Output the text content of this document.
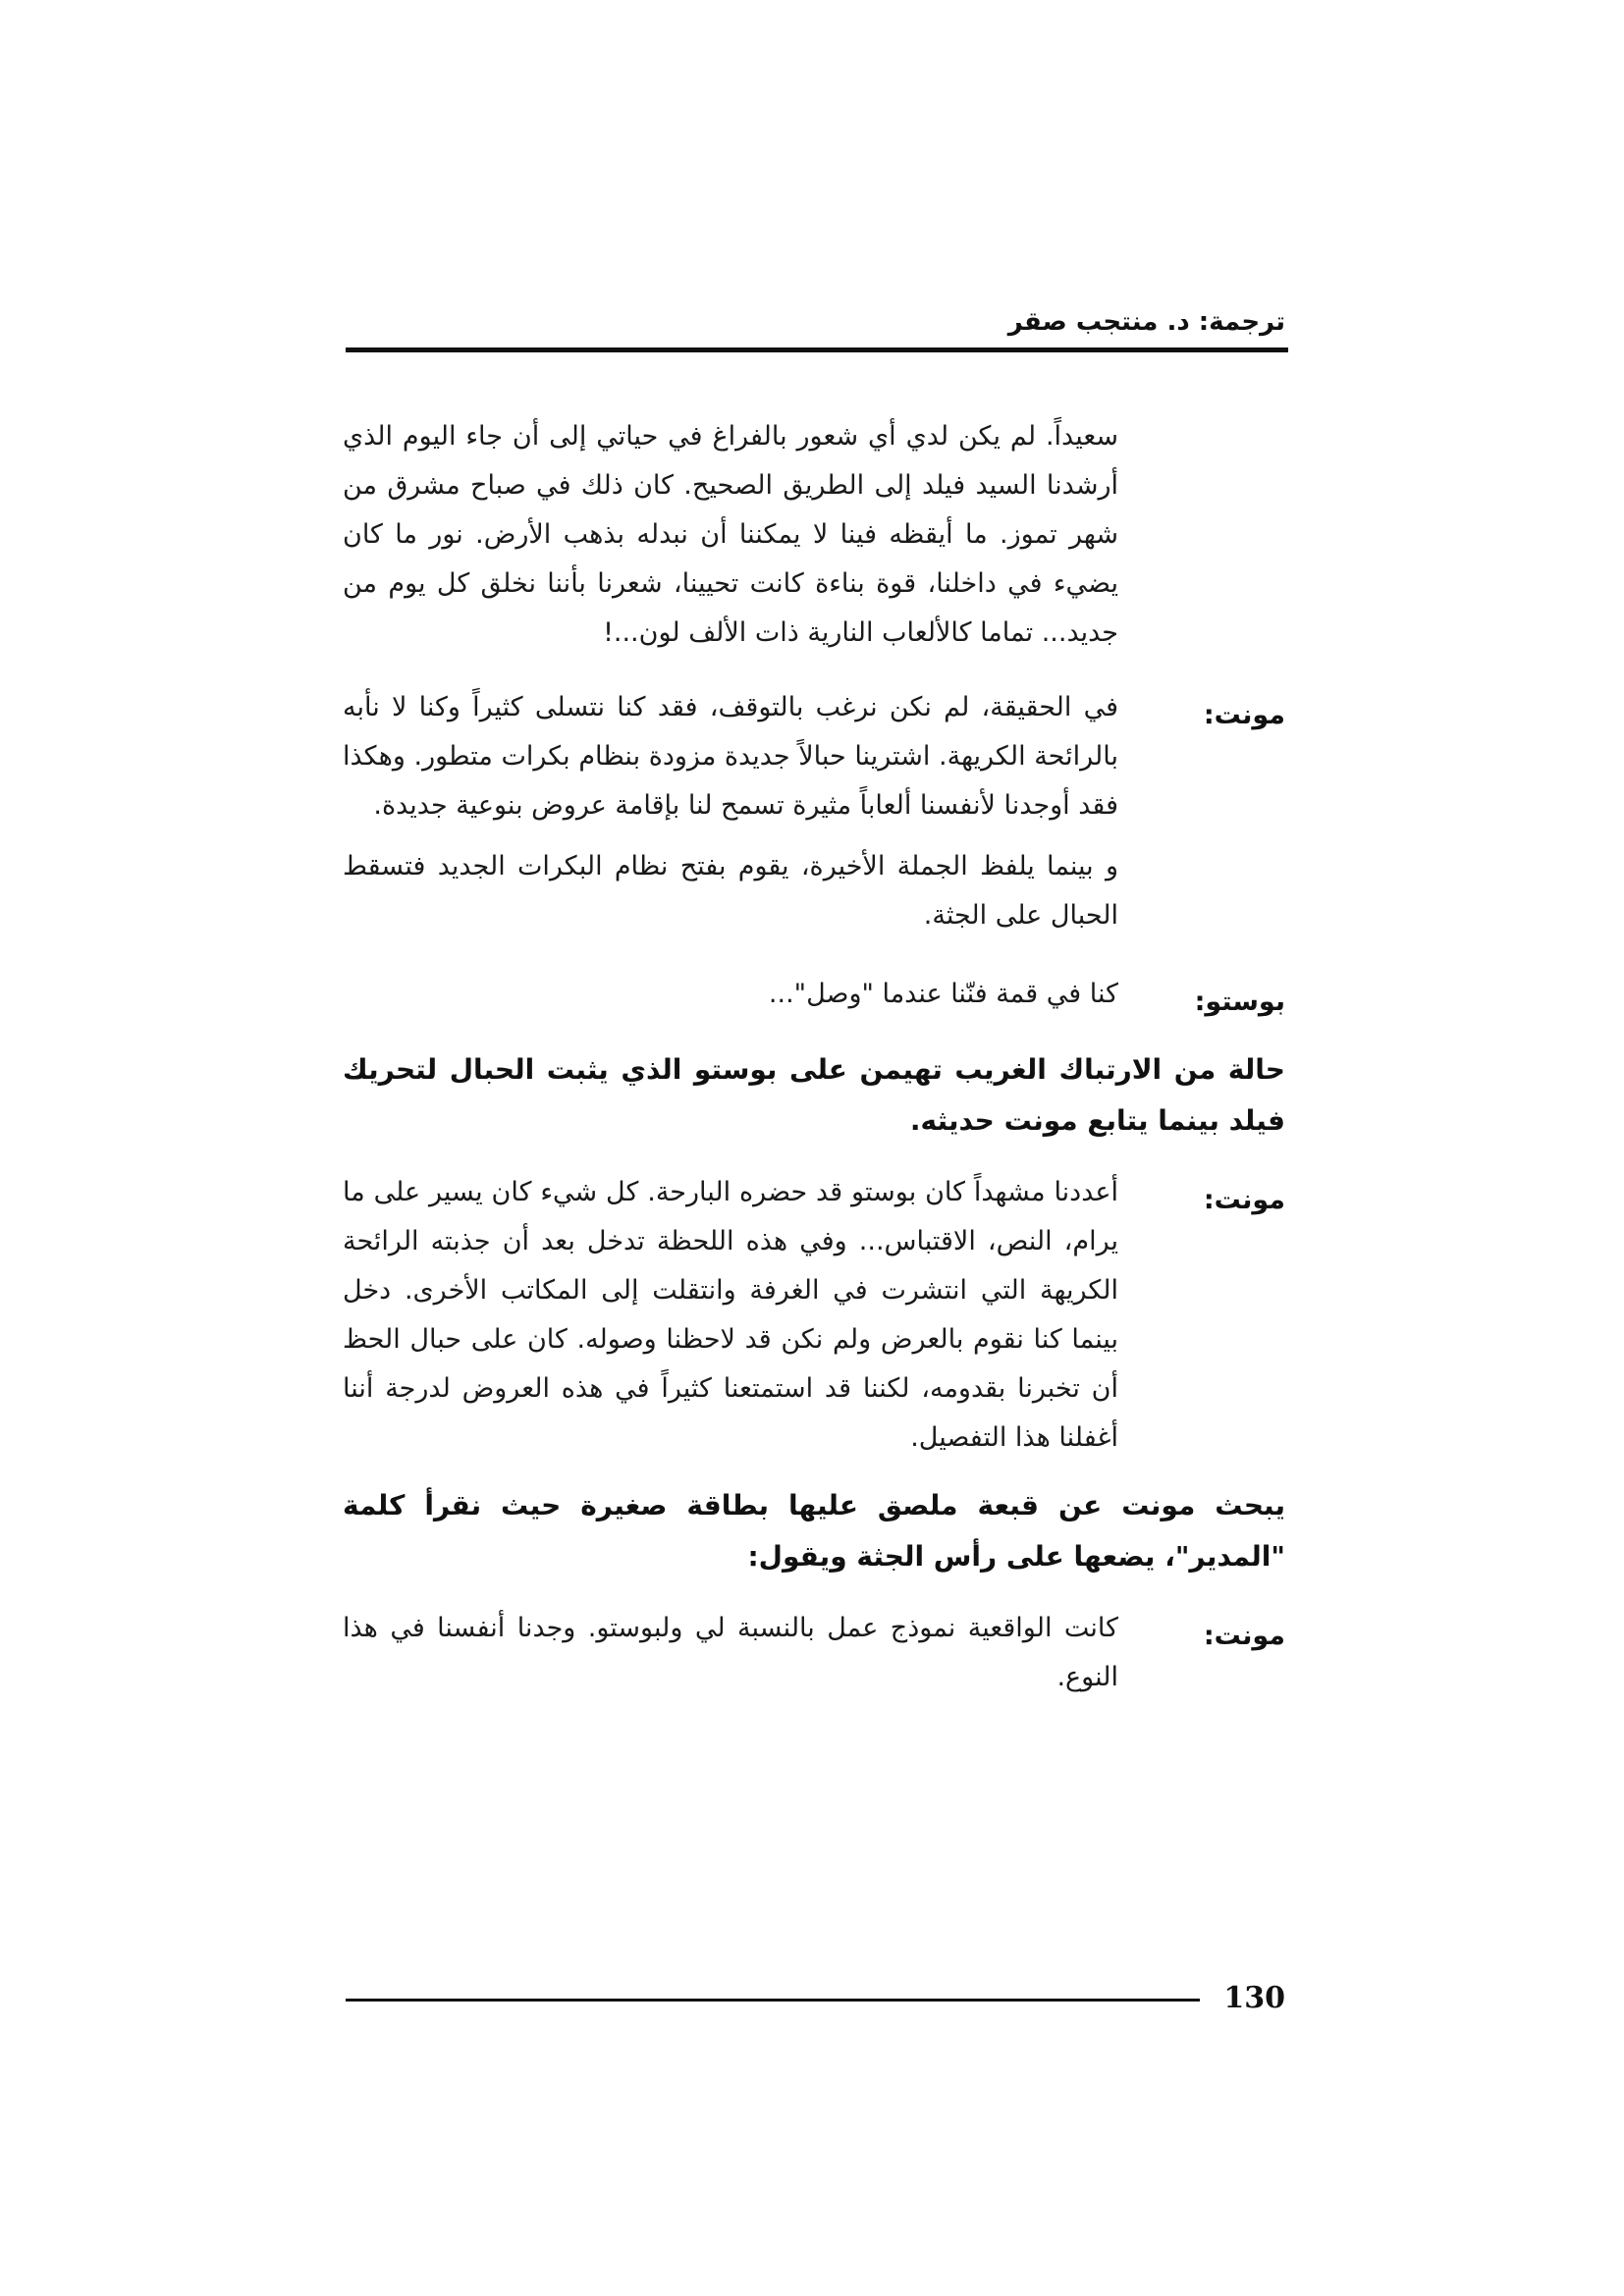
ترجمة: د. منتجب صقر
سعيداً. لم يكن لدي أي شعور بالفراغ في حياتي إلى أن جاء اليوم الذي أرشدنا السيد فيلد إلى الطريق الصحيح. كان ذلك في صباح مشرق من شهر تموز. ما أيقظه فينا لا يمكننا أن نبدله بذهب الأرض. نور ما كان يضيء في داخلنا، قوة بناءة كانت تحيينا، شعرنا بأننا نخلق كل يوم من جديد... تماما كالألعاب النارية ذات الألف لون...!
مونت:

في الحقيقة، لم نكن نرغب بالتوقف، فقد كنا نتسلى كثيراً وكنا لا نأبه بالرائحة الكريهة. اشترينا حبالاً جديدة مزودة بنظام بكرات متطور. وهكذا فقد أوجدنا لأنفسنا ألعاباً مثيرة تسمح لنا بإقامة عروض بنوعية جديدة.

و بينما يلفظ الجملة الأخيرة، يقوم بفتح نظام البكرات الجديد فتسقط الحبال على الجثة.

بوستو:
كنا في قمة فنّنا عندما "وصل"...
حالة من الارتباك الغريب تهيمن على بوستو الذي يثبت الحبال لتحريك فيلد بينما يتابع مونت حديثه.
مونت:
أعددنا مشهداً كان بوستو قد حضره البارحة. كل شيء كان يسير على ما يرام، النص، الاقتباس... وفي هذه اللحظة تدخل بعد أن جذبته الرائحة الكريهة التي انتشرت في الغرفة وانتقلت إلى المكاتب الأخرى. دخل بينما كنا نقوم بالعرض ولم نكن قد لاحظنا وصوله. كان على حبال الحظ أن تخبرنا بقدومه، لكننا قد استمتعنا كثيراً في هذه العروض لدرجة أننا أغفلنا هذا التفصيل.
يبحث مونت عن قبعة ملصق عليها بطاقة صغيرة حيث نقرأ كلمة "المدير"، يضعها على رأس الجثة ويقول:
مونت:
كانت الواقعية نموذج عمل بالنسبة لي ولبوستو. وجدنا أنفسنا في هذا النوع.
130
